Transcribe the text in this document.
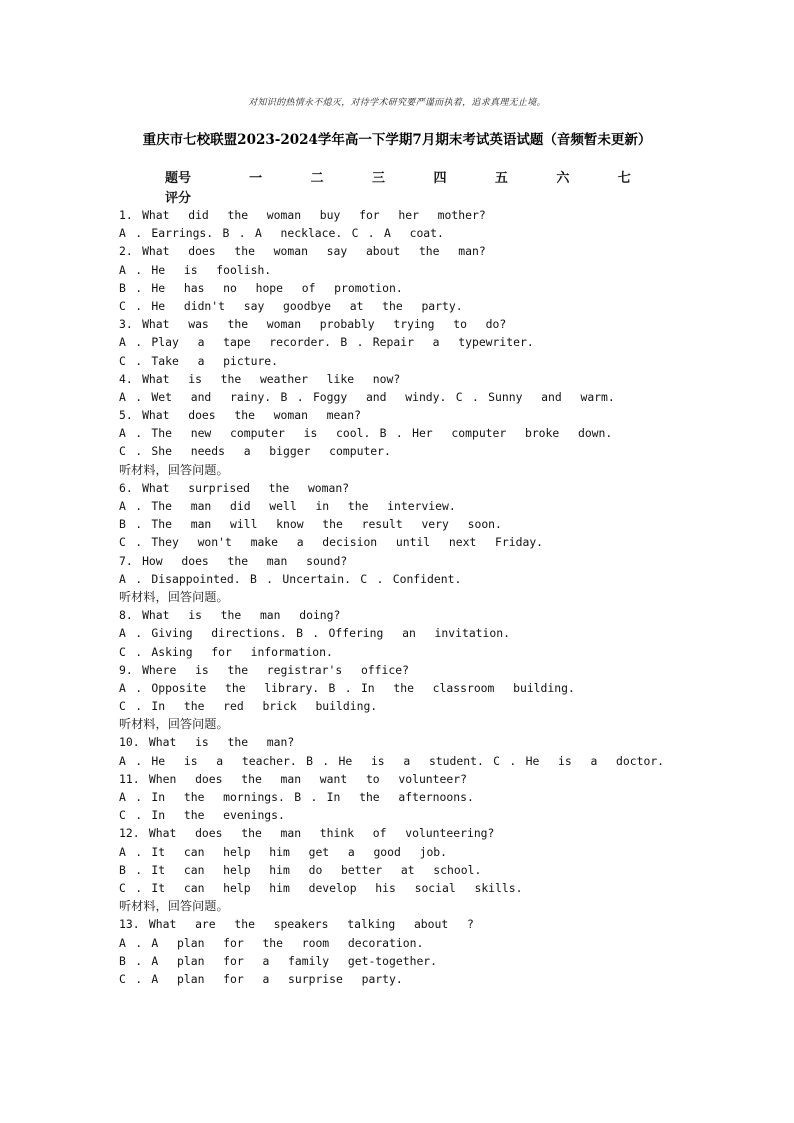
对知识的热情永不熄灭，对待学术研究要严谨而执着，追求真理无止境。
重庆市七校联盟2023-2024学年高一下学期7月期末考试英语试题（音频暂未更新）
题号	一	二	三	四	五	六	七
评分
1. What  did  the  woman  buy  for  her  mother?
A . Earrings. B . A  necklace. C . A  coat.
2. What  does  the  woman  say  about  the  man?
A . He  is  foolish.
B . He  has  no  hope  of  promotion.
C . He  didn't  say  goodbye  at  the  party.
3. What  was  the  woman  probably  trying  to  do?
A . Play  a  tape  recorder. B . Repair  a  typewriter.
C . Take  a  picture.
4. What  is  the  weather  like  now?
A . Wet  and  rainy. B . Foggy  and  windy. C . Sunny  and  warm.
5. What  does  the  woman  mean?
A . The  new  computer  is  cool. B . Her  computer  broke  down.
C . She  needs  a  bigger  computer.
听材料，回答问题。
6. What  surprised  the  woman?
A . The  man  did  well  in  the  interview.
B . The  man  will  know  the  result  very  soon.
C . They  won't  make  a  decision  until  next  Friday.
7. How  does  the  man  sound?
A . Disappointed. B . Uncertain. C . Confident.
听材料，回答问题。
8. What  is  the  man  doing?
A . Giving  directions. B . Offering  an  invitation.
C . Asking  for  information.
9. Where  is  the  registrar's  office?
A . Opposite  the  library. B . In  the  classroom  building.
C . In  the  red  brick  building.
听材料，回答问题。
10. What  is  the  man?
A . He  is  a  teacher. B . He  is  a  student. C . He  is  a  doctor.
11. When  does  the  man  want  to  volunteer?
A . In  the  mornings. B . In  the  afternoons.
C . In  the  evenings.
12. What  does  the  man  think  of  volunteering?
A . It  can  help  him  get  a  good  job.
B . It  can  help  him  do  better  at  school.
C . It  can  help  him  develop  his  social  skills.
听材料，回答问题。
13. What  are  the  speakers  talking  about  ?
A . A  plan  for  the  room  decoration.
B . A  plan  for  a  family  get-together.
C . A  plan  for  a  surprise  party.
